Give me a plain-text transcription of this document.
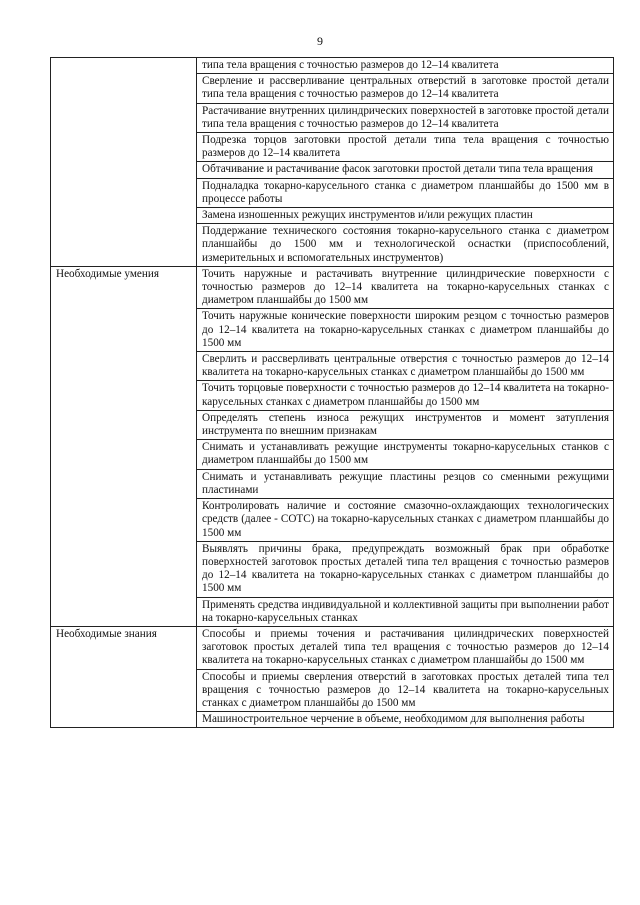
9
	типа тела вращения с точностью размеров до 12–14 квалитета
	Сверление и рассверливание центральных отверстий в заготовке простой детали типа тела вращения с точностью размеров до 12–14 квалитета
	Растачивание внутренних цилиндрических поверхностей в заготовке простой детали типа тела вращения с точностью размеров до 12–14 квалитета
	Подрезка торцов заготовки простой детали типа тела вращения с точностью размеров до 12–14 квалитета
	Обтачивание и растачивание фасок заготовки простой детали типа тела вращения
	Подналадка токарно-карусельного станка с диаметром планшайбы до 1500 мм в процессе работы
	Замена изношенных режущих инструментов и/или режущих пластин
	Поддержание технического состояния токарно-карусельного станка с диаметром планшайбы до 1500 мм и технологической оснастки (приспособлений, измерительных и вспомогательных инструментов)
Необходимые умения	Точить наружные и растачивать внутренние цилиндрические поверхности с точностью размеров до 12–14 квалитета на токарно-карусельных станках с диаметром планшайбы до 1500 мм
	Точить наружные конические поверхности широким резцом с точностью размеров до 12–14 квалитета на токарно-карусельных станках с диаметром планшайбы до 1500 мм
	Сверлить и рассверливать центральные отверстия с точностью размеров до 12–14 квалитета на токарно-карусельных станках с диаметром планшайбы до 1500 мм
	Точить торцовые поверхности с точностью размеров до 12–14 квалитета на токарно-карусельных станках с диаметром планшайбы до 1500 мм
	Определять степень износа режущих инструментов и момент затупления инструмента по внешним признакам
	Снимать и устанавливать режущие инструменты токарно-карусельных станков с диаметром планшайбы до 1500 мм
	Снимать и устанавливать режущие пластины резцов со сменными режущими пластинами
	Контролировать наличие и состояние смазочно-охлаждающих технологических средств (далее - СОТС) на токарно-карусельных станках с диаметром планшайбы до 1500 мм
	Выявлять причины брака, предупреждать возможный брак при обработке поверхностей заготовок простых деталей типа тел вращения с точностью размеров до 12–14 квалитета на токарно-карусельных станках с диаметром планшайбы до 1500 мм
	Применять средства индивидуальной и коллективной защиты при выполнении работ на токарно-карусельных станках
Необходимые знания	Способы и приемы точения и растачивания цилиндрических поверхностей заготовок простых деталей типа тел вращения с точностью размеров до 12–14 квалитета на токарно-карусельных станках с диаметром планшайбы до 1500 мм
	Способы и приемы сверления отверстий в заготовках простых деталей типа тел вращения с точностью размеров до 12–14 квалитета на токарно-карусельных станках с диаметром планшайбы до 1500 мм
	Машиностроительное черчение в объеме, необходимом для выполнения работы
